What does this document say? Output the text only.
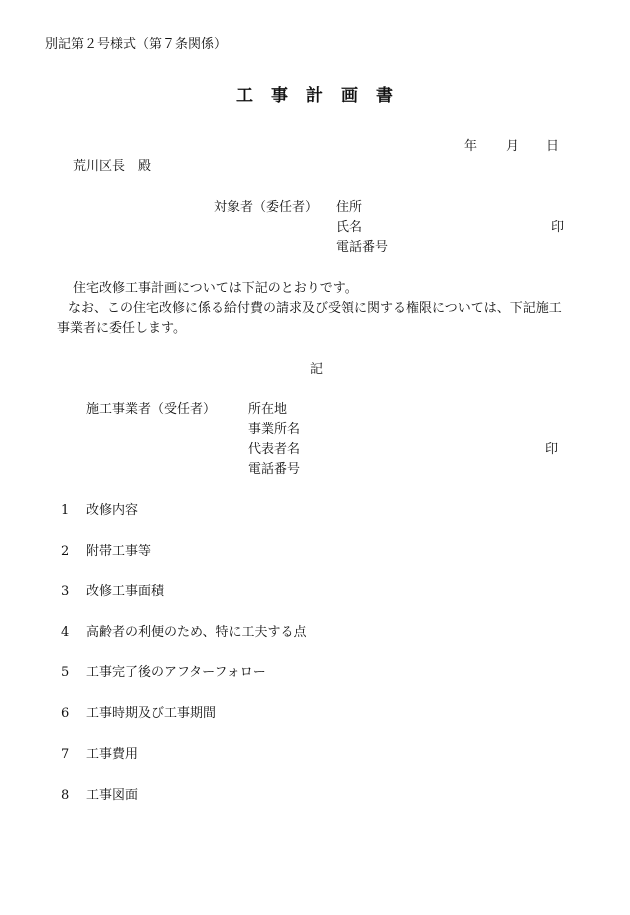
別記第２号様式（第７条関係）
工 事 計 画 書
年 月 日
荒川区長　殿
対象者（委任者） 住所
氏名	印
電話番号
住宅改修工事計画については下記のとおりです。
なお、この住宅改修に係る給付費の請求及び受領に関する権限については、下記施工
事業者に委任します。
記
施工事業者（受任者） 所在地
事業所名
代表者名	印
電話番号
1 改修内容
2 附帯工事等
3 改修工事面積
4 高齢者の利便のため、特に工夫する点
5 工事完了後のアフターフォロー
6 工事時期及び工事期間
7 工事費用
8 工事図面
